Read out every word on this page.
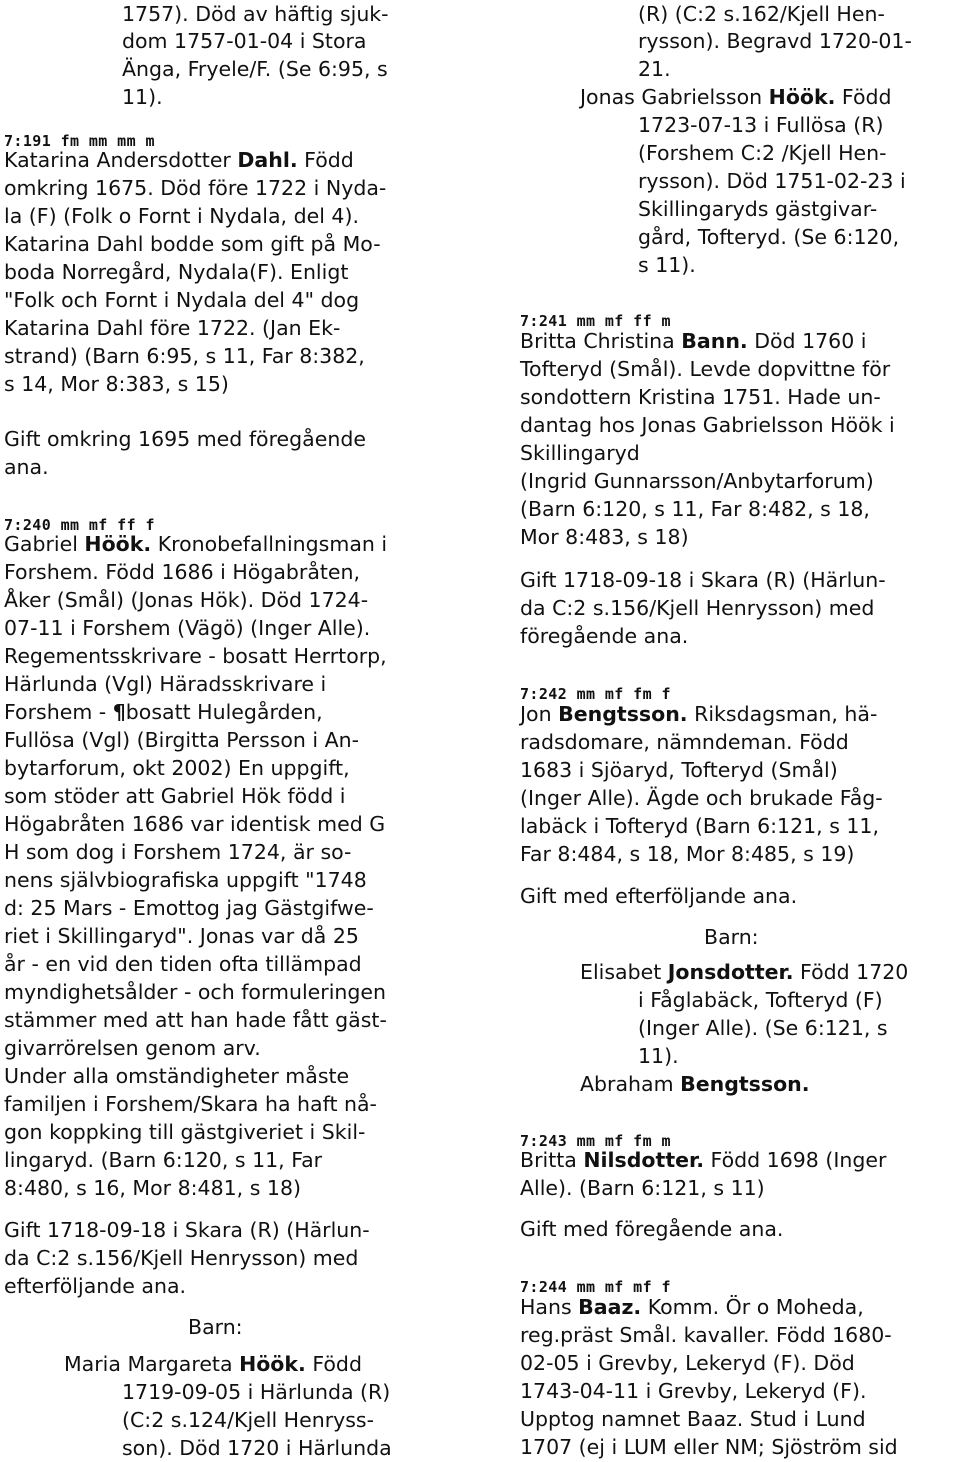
1757). Död av häftig sjuk-
dom 1757-01-04 i Stora
Änga, Fryele/F. (Se 6:95, s
11).
7:191 fm mm mm m
Katarina Andersdotter Dahl. Född
omkring 1675. Död före 1722 i Nyda-
la (F) (Folk o Fornt i Nydala, del 4).
Katarina Dahl bodde som gift på Mo-
boda Norregård, Nydala(F). Enligt
"Folk och Fornt i Nydala del 4" dog
Katarina Dahl före 1722. (Jan Ek-
strand) (Barn 6:95, s 11, Far 8:382,
s 14, Mor 8:383, s 15)
Gift omkring 1695 med föregående
ana.
7:240 mm mf ff f
Gabriel Höök. Kronobefallningsman i
Forshem. Född 1686 i Högabråten,
Åker (Smål) (Jonas Hök). Död 1724-
07-11 i Forshem (Vägö) (Inger Alle).
Regementsskrivare - bosatt Herrtorp,
Härlunda (Vgl) Häradsskrivare i
Forshem - ¶bosatt Hulegården,
Fullösa (Vgl) (Birgitta Persson i An-
bytarforum, okt 2002) En uppgift,
som stöder att Gabriel Hök född i
Högabråten 1686 var identisk med G
H som dog i Forshem 1724, är so-
nens självbiografiska uppgift "1748
d: 25 Mars - Emottog jag Gästgifwe-
riet i Skillingaryd". Jonas var då 25
år - en vid den tiden ofta tillämpad
myndighetsålder - och formuleringen
stämmer med att han hade fått gäst-
givarrörelsen genom arv.
Under alla omständigheter måste
familjen i Forshem/Skara ha haft nå-
gon koppking till gästgiveriet i Skil-
lingaryd. (Barn 6:120, s 11, Far
8:480, s 16, Mor 8:481, s 18)
Gift 1718-09-18 i Skara (R) (Härlun-
da C:2 s.156/Kjell Henrysson) med
efterföljande ana.
Barn:
Maria Margareta Höök. Född
1719-09-05 i Härlunda (R)
(C:2 s.124/Kjell Henryss-
son). Död 1720 i Härlunda
(R) (C:2 s.162/Kjell Hen-
rysson). Begravd 1720-01-
21.
Jonas Gabrielsson Höök. Född
1723-07-13 i Fullösa (R)
(Forshem C:2 /Kjell Hen-
rysson). Död 1751-02-23 i
Skillingaryds gästgivar-
gård, Tofteryd. (Se 6:120,
s 11).
7:241 mm mf ff m
Britta Christina Bann. Död 1760 i
Tofteryd (Smål). Levde dopvittne för
sondottern Kristina 1751. Hade un-
dantag hos Jonas Gabrielsson Höök i
Skillingaryd
(Ingrid Gunnarsson/Anbytarforum)
(Barn 6:120, s 11, Far 8:482, s 18,
Mor 8:483, s 18)
Gift 1718-09-18 i Skara (R) (Härlun-
da C:2 s.156/Kjell Henrysson) med
föregående ana.
7:242 mm mf fm f
Jon Bengtsson. Riksdagsman, hä-
radsdomare, nämndeman. Född
1683 i Sjöaryd, Tofteryd (Smål)
(Inger Alle). Ägde och brukade Fåg-
labäck i Tofteryd (Barn 6:121, s 11,
Far 8:484, s 18, Mor 8:485, s 19)
Gift med efterföljande ana.
Barn:
Elisabet Jonsdotter. Född 1720
i Fåglabäck, Tofteryd (F)
(Inger Alle). (Se 6:121, s
11).
Abraham Bengtsson.
7:243 mm mf fm m
Britta Nilsdotter. Född 1698 (Inger
Alle). (Barn 6:121, s 11)
Gift med föregående ana.
7:244 mm mf mf f
Hans Baaz. Komm. Ör o Moheda,
reg.präst Smål. kavaller. Född 1680-
02-05 i Grevby, Lekeryd (F). Död
1743-04-11 i Grevby, Lekeryd (F).
Upptog namnet Baaz. Stud i Lund
1707 (ej i LUM eller NM; Sjöström sid
